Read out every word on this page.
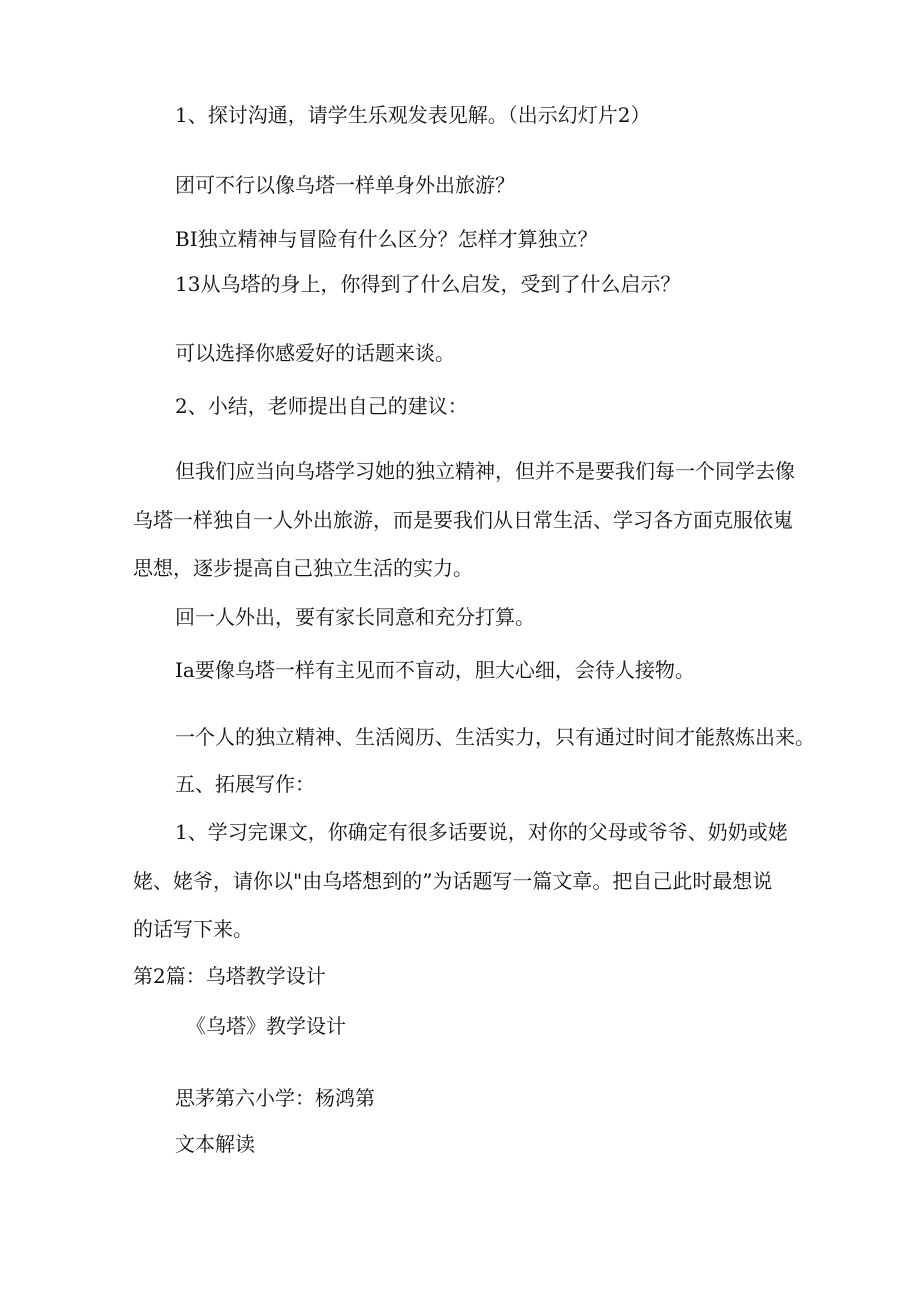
1、探讨沟通，请学生乐观发表见解。（出示幻灯片2）

团可不行以像乌塔一样单身外出旅游？

BI独立精神与冒险有什么区分？怎样才算独立？

13从乌塔的身上，你得到了什么启发，受到了什么启示？

可以选择你感爱好的话题来谈。

2、小结，老师提出自己的建议：

但我们应当向乌塔学习她的独立精神，但并不是要我们每一个同学去像

乌塔一样独自一人外出旅游，而是要我们从日常生活、学习各方面克服依嵬

思想，逐步提高自己独立生活的实力。

回一人外出，要有家长同意和充分打算。

Ia要像乌塔一样有主见而不盲动，胆大心细，会待人接物。

一个人的独立精神、生活阅历、生活实力，只有通过时间才能熬炼出来。

五、拓展写作：

1、学习完课文，你确定有很多话要说，对你的父母或爷爷、奶奶或姥

姥、姥爷，请你以"由乌塔想到的”为话题写一篇文章。把自己此时最想说

的话写下来。

第2篇：乌塔教学设计

《乌塔》教学设计

思茅第六小学：杨鸿第

文本解读
